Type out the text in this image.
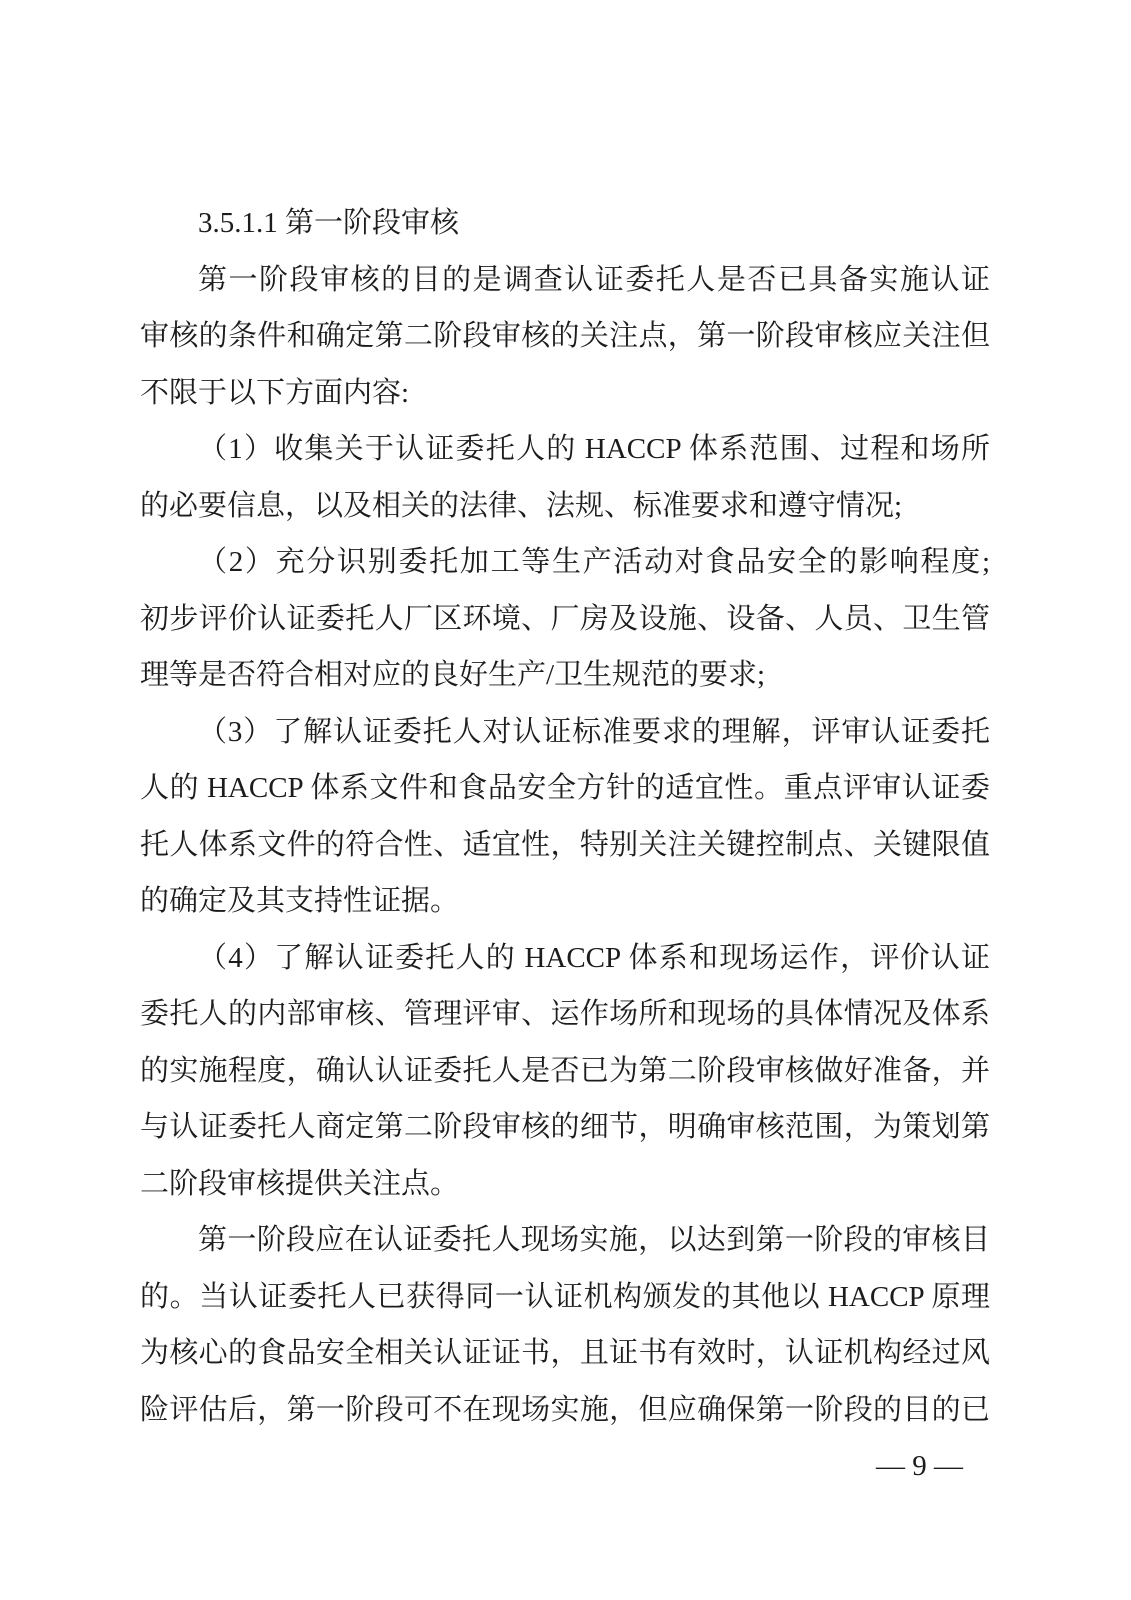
3.5.1.1 第一阶段审核
第一阶段审核的目的是调查认证委托人是否已具备实施认证
审核的条件和确定第二阶段审核的关注点，第一阶段审核应关注但
不限于以下方面内容:
（1）收集关于认证委托人的 HACCP 体系范围、过程和场所
的必要信息，以及相关的法律、法规、标准要求和遵守情况;
（2）充分识别委托加工等生产活动对食品安全的影响程度;
初步评价认证委托人厂区环境、厂房及设施、设备、人员、卫生管
理等是否符合相对应的良好生产/卫生规范的要求;
（3）了解认证委托人对认证标准要求的理解，评审认证委托
人的 HACCP 体系文件和食品安全方针的适宜性。重点评审认证委
托人体系文件的符合性、适宜性，特别关注关键控制点、关键限值
的确定及其支持性证据。
（4）了解认证委托人的 HACCP 体系和现场运作，评价认证
委托人的内部审核、管理评审、运作场所和现场的具体情况及体系
的实施程度，确认认证委托人是否已为第二阶段审核做好准备，并
与认证委托人商定第二阶段审核的细节，明确审核范围，为策划第
二阶段审核提供关注点。
第一阶段应在认证委托人现场实施，以达到第一阶段的审核目
的。当认证委托人已获得同一认证机构颁发的其他以 HACCP 原理
为核心的食品安全相关认证证书，且证书有效时，认证机构经过风
险评估后，第一阶段可不在现场实施，但应确保第一阶段的目的已
— 9 —
